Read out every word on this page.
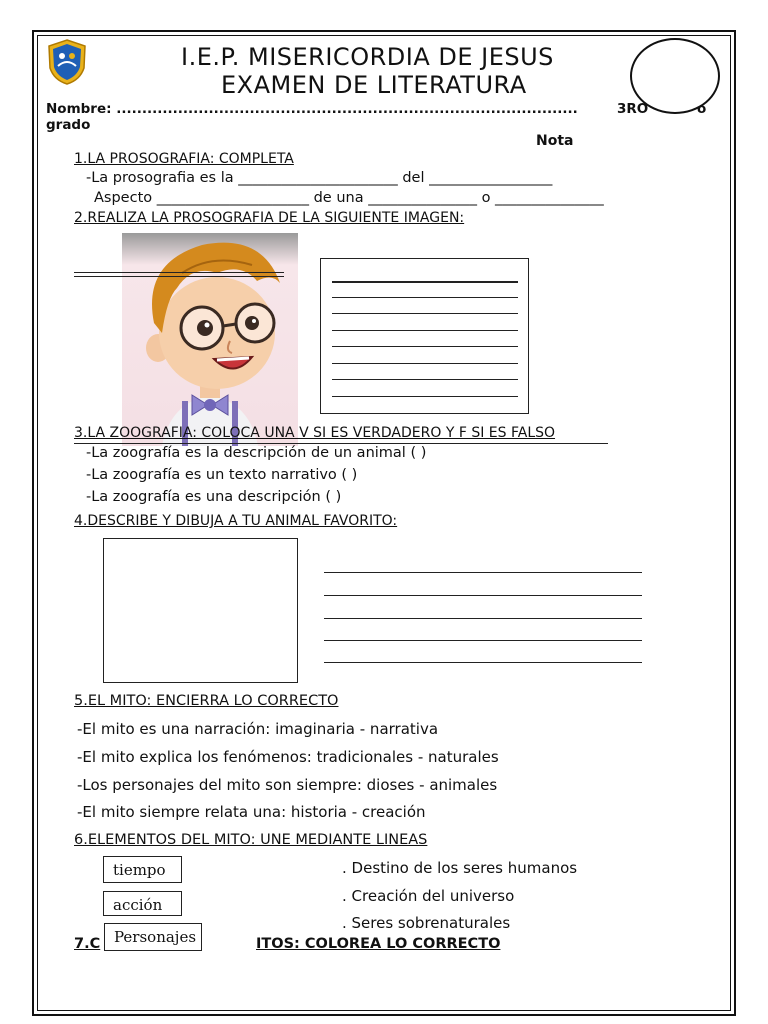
I.E.P. MISERICORDIA DE JESUS
EXAMEN DE LITERATURA
Nombre: ..........................................................................................	3RO	o
grado
Nota
1.LA PROSOGRAFIA: COMPLETA
-La prosografia es la ______________________ del _________________
Aspecto _____________________ de una _______________ o _______________
2.REALIZA LA PROSOGRAFIA DE LA SIGUIENTE IMAGEN:
3.LA ZOOGRAFIA: COLOCA UNA V SI ES VERDADERO Y F SI ES FALSO
-La zoografía es la descripción de un animal ( )
-La zoografía es un texto narrativo ( )
-La zoografía es una descripción ( )
4.DESCRIBE Y DIBUJA A TU ANIMAL FAVORITO:
5.EL MITO: ENCIERRA LO CORRECTO
-El mito es una narración: imaginaria - narrativa
-El mito explica los fenómenos: tradicionales - naturales
-Los personajes del mito son siempre: dioses - animales
-El mito siempre relata una: historia - creación
6.ELEMENTOS DEL MITO: UNE MEDIANTE LINEAS
tiempo
acción
. Destino de los seres humanos
. Creación del universo
. Seres sobrenaturales
7.C	ITOS: COLOREA LO CORRECTO
Personajes
